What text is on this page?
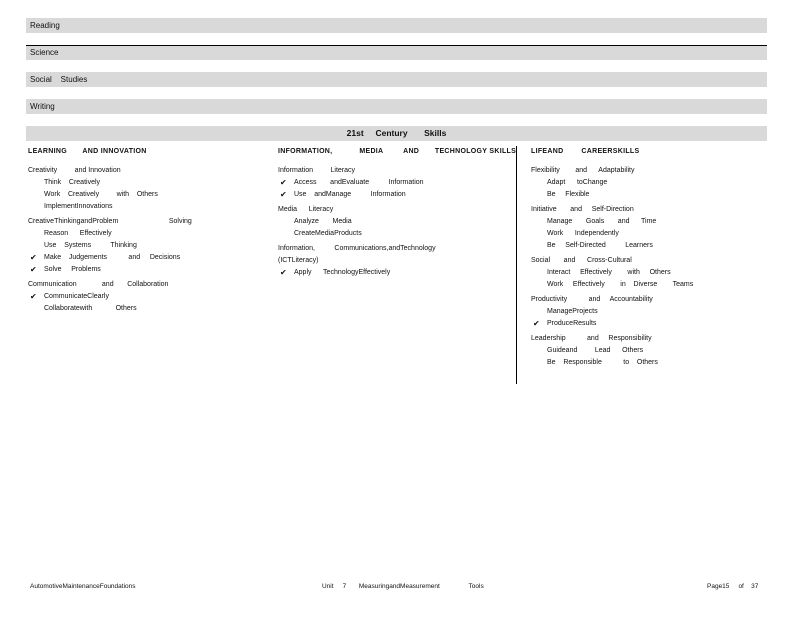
Reading
Science
Social    Studies
Writing
21st     Century       Skills
LEARNING       AND INNOVATION
Creativity         and Innovation
Think    Creatively
Work    Creatively         with    Others
ImplementInnovations
CreativeThinkingandProblem                          Solving
Reason      Effectively
Use    Systems          Thinking
✔ Make    Judgements           and     Decisions
✔ Solve     Problems
Communication             and       Collaboration
✔ CommunicateClearly
Collaboratewith            Others
INFORMATION,            MEDIA         AND       TECHNOLOGY SKILLS
Information         Literacy
✔ Access       andEvaluate          Information
✔ Use    andManage          Information
Media      Literacy
Analyze       Media
CreateMediaProducts
Information,          Communications,andTechnology
(ICTLiteracy)
✔ Apply      TechnologyEffectively
LIFEAND        CAREERSKILLS
Flexibility        and      Adaptability
Adapt      toChange
Be     Flexible
Initiative       and     Self-Direction
Manage       Goals       and      Time
Work      Independently
Be     Self-Directed          Learners
Social       and      Cross-Cultural
Interact     Effectively        with     Others
Work     Effectively        in    Diverse        Teams
Productivity           and     Accountability
ManageProjects
✔ ProduceResults
Leadership           and     Responsibility
Guideand         Lead      Others
Be    Responsible           to    Others
AutomotiveMaintenanceFoundations	Unit     7       MeasuringandMeasurement                Tools	Page15     of    37
